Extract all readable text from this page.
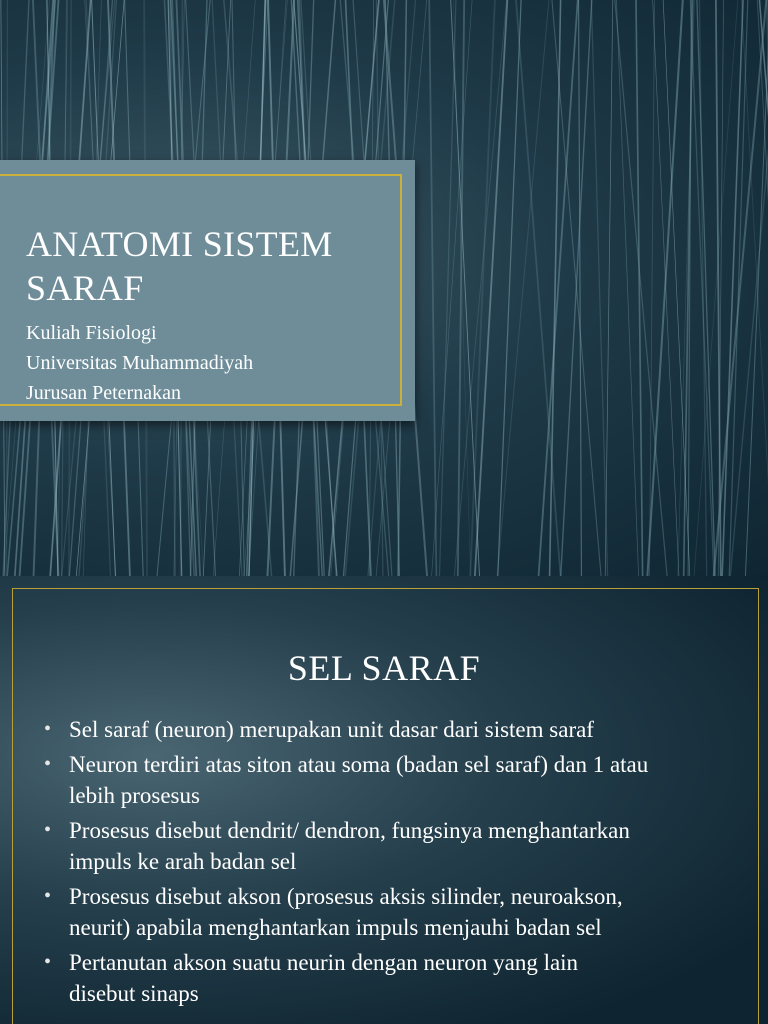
ANATOMI SISTEM
SARAF
Kuliah Fisiologi
Universitas Muhammadiyah
Jurusan Peternakan
SEL SARAF
• Sel saraf (neuron) merupakan unit dasar dari sistem saraf
• Neuron terdiri atas siton atau soma (badan sel saraf) dan 1 atau
lebih prosesus
• Prosesus disebut dendrit/ dendron, fungsinya menghantarkan
impuls ke arah badan sel
• Prosesus disebut akson (prosesus aksis silinder, neuroakson,
neurit) apabila menghantarkan impuls menjauhi badan sel
• Pertanutan akson suatu neurin dengan neuron yang lain
disebut sinaps
